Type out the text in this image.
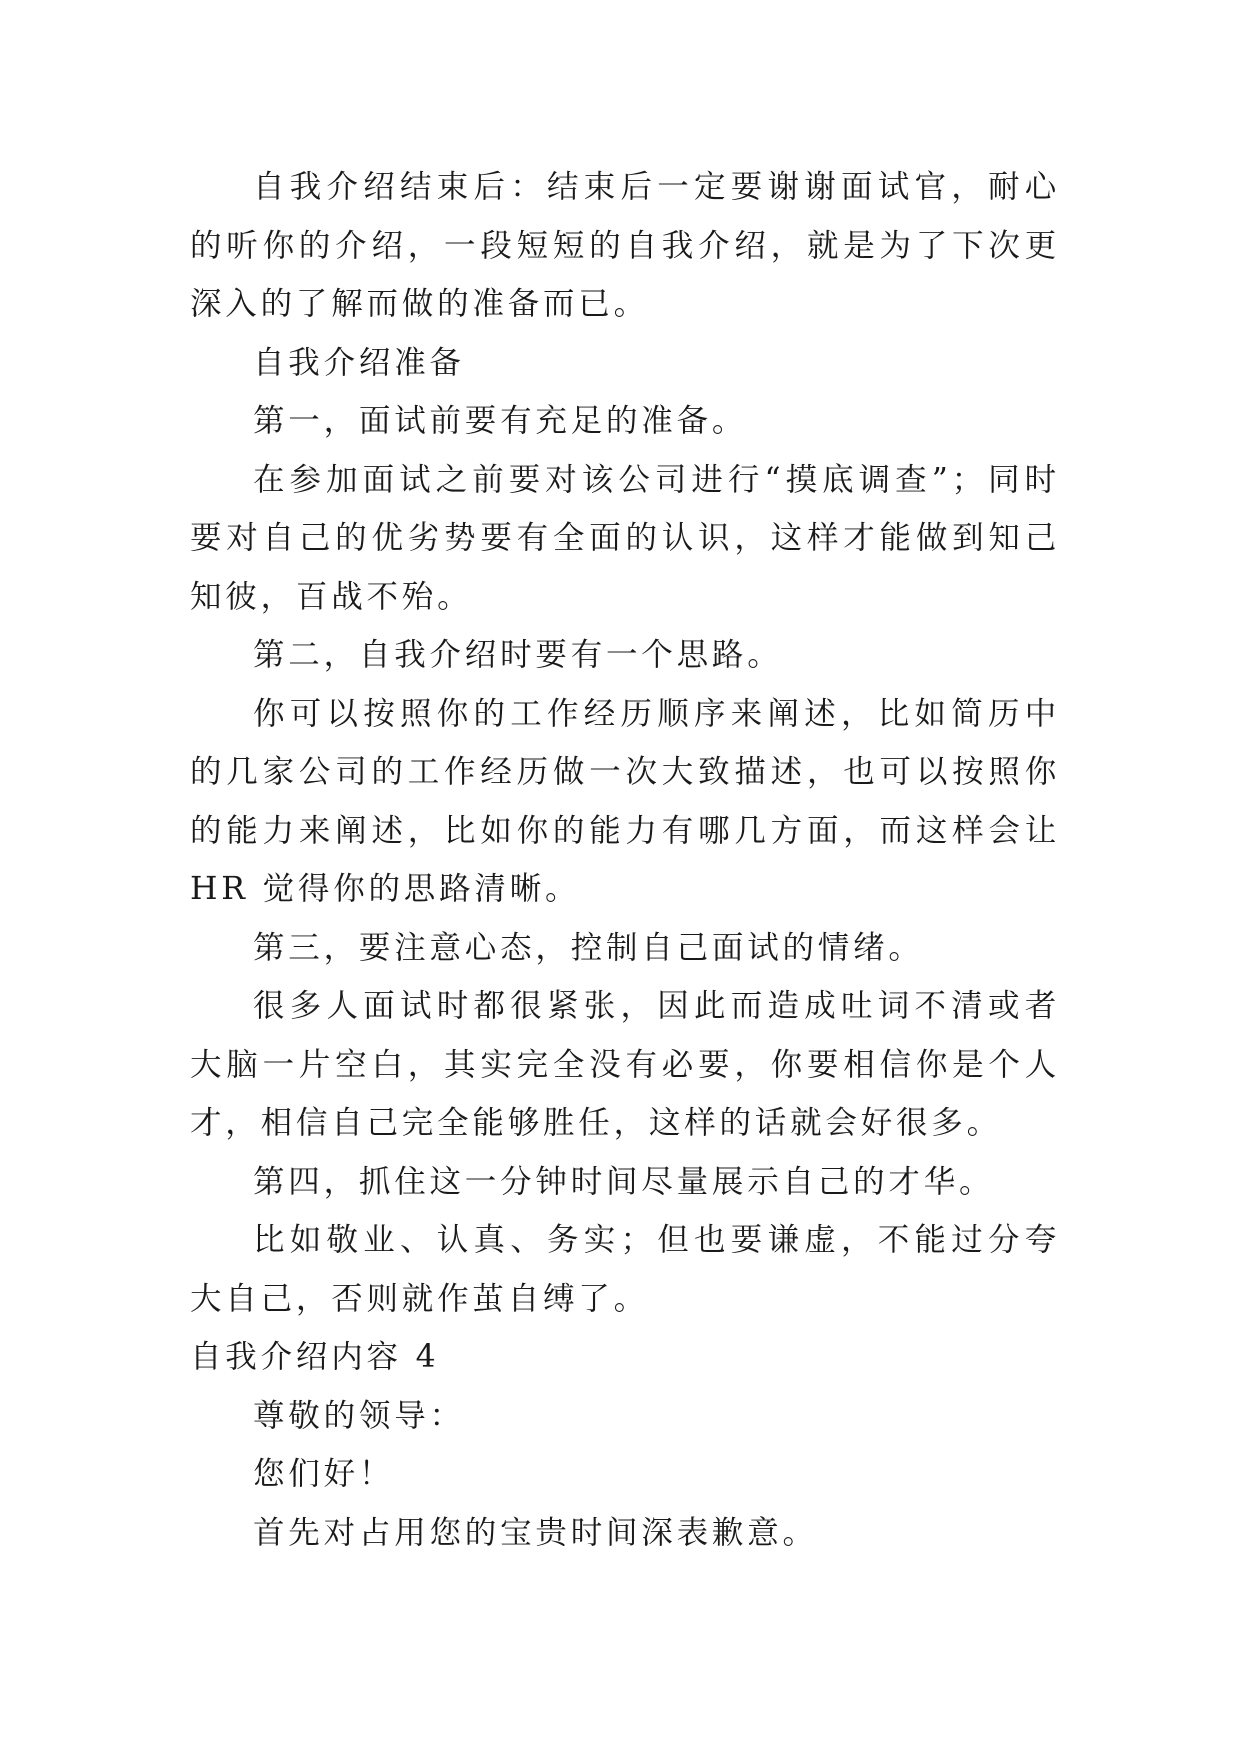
自我介绍结束后：结束后一定要谢谢面试官，耐心的听你的介绍，一段短短的自我介绍，就是为了下次更深入的了解而做的准备而已。

自我介绍准备

第一，面试前要有充足的准备。

在参加面试之前要对该公司进行“摸底调查”；同时要对自己的优劣势要有全面的认识，这样才能做到知己知彼，百战不殆。

第二，自我介绍时要有一个思路。

你可以按照你的工作经历顺序来阐述，比如简历中的几家公司的工作经历做一次大致描述，也可以按照你的能力来阐述，比如你的能力有哪几方面，而这样会让 HR 觉得你的思路清晰。

第三，要注意心态，控制自己面试的情绪。

很多人面试时都很紧张，因此而造成吐词不清或者大脑一片空白，其实完全没有必要，你要相信你是个人才，相信自己完全能够胜任，这样的话就会好很多。

第四，抓住这一分钟时间尽量展示自己的才华。

比如敬业、认真、务实；但也要谦虚，不能过分夸大自己，否则就作茧自缚了。

自我介绍内容 4

尊敬的领导：

您们好！

首先对占用您的宝贵时间深表歉意。
